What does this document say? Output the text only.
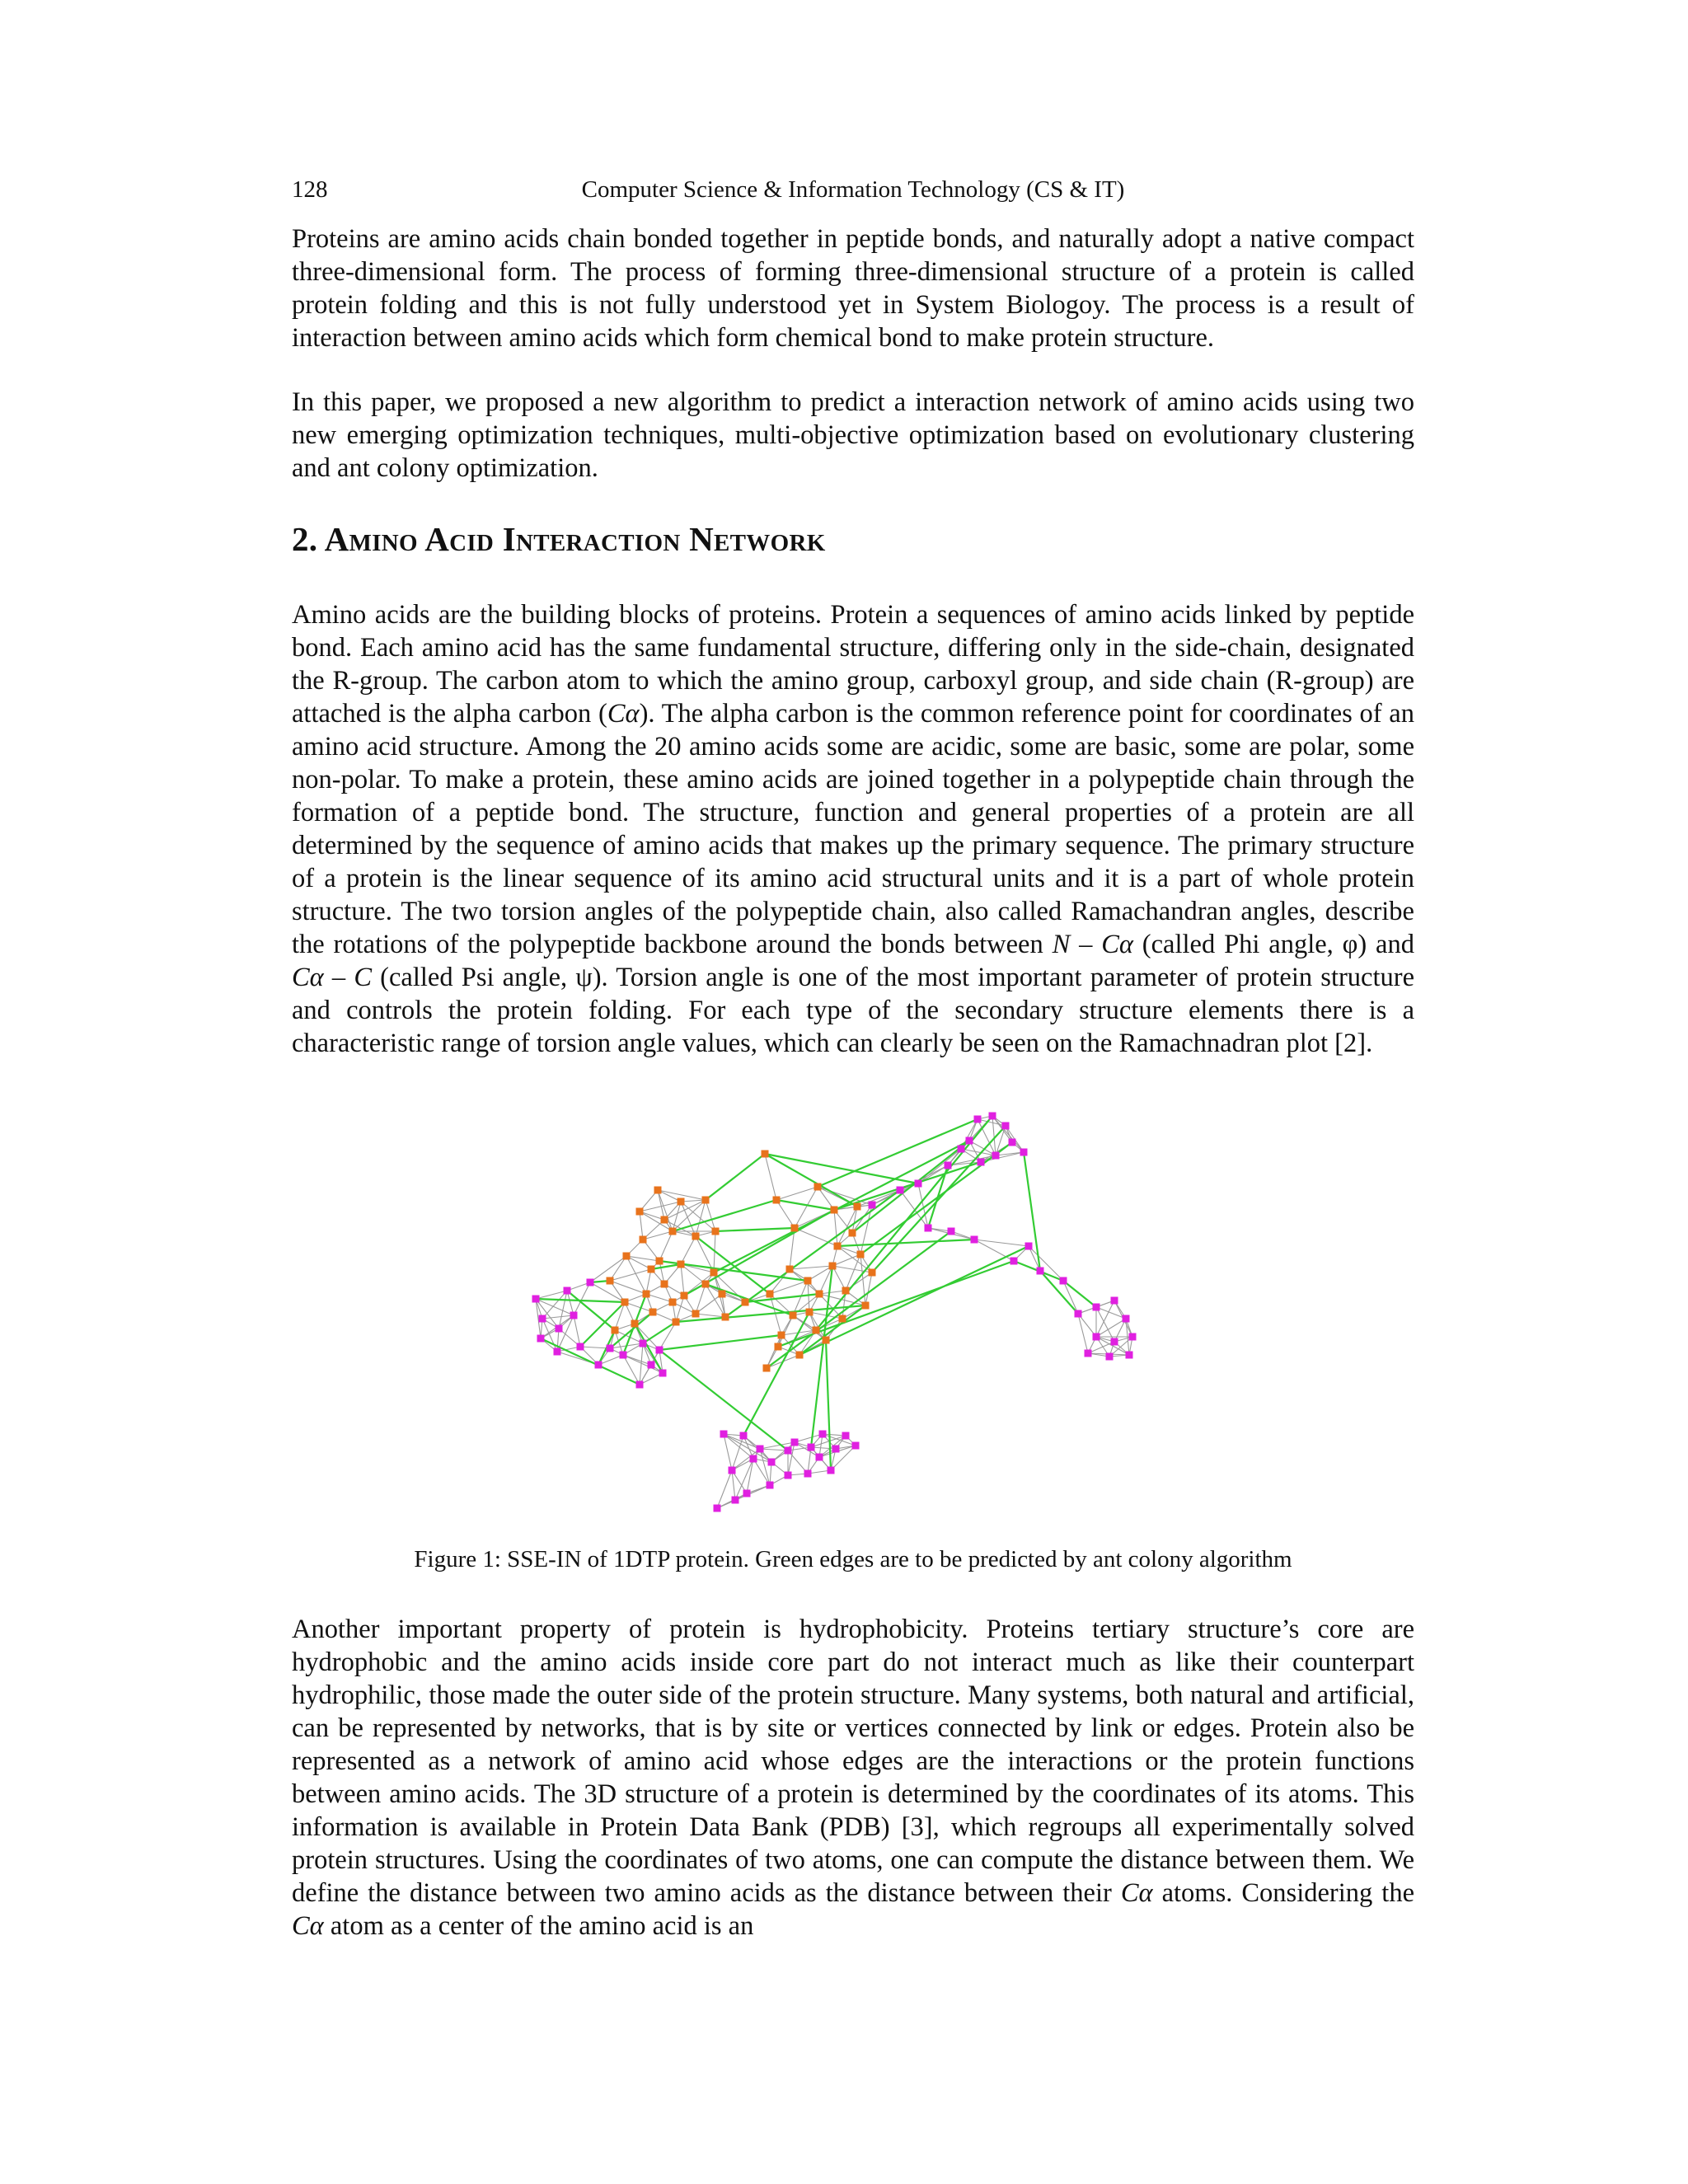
128	Computer Science & Information Technology (CS & IT)

Proteins are amino acids chain bonded together in peptide bonds, and naturally adopt a native compact three-dimensional form. The process of forming three-dimensional structure of a protein is called protein folding and this is not fully understood yet in System Biologoy. The process is a result of interaction between amino acids which form chemical bond to make protein structure.

In this paper, we proposed a new algorithm to predict a interaction network of amino acids using two new emerging optimization techniques, multi-objective optimization based on evolutionary clustering and ant colony optimization.

2. Amino Acid Interaction Network

Amino acids are the building blocks of proteins. Protein a sequences of amino acids linked by peptide bond. Each amino acid has the same fundamental structure, differing only in the side-chain, designated the R-group. The carbon atom to which the amino group, carboxyl group, and side chain (R-group) are attached is the alpha carbon (Cα). The alpha carbon is the common reference point for coordinates of an amino acid structure. Among the 20 amino acids some are acidic, some are basic, some are polar, some non-polar. To make a protein, these amino acids are joined together in a polypeptide chain through the formation of a peptide bond. The structure, function and general properties of a protein are all determined by the sequence of amino acids that makes up the primary sequence. The primary structure of a protein is the linear sequence of its amino acid structural units and it is a part of whole protein structure. The two torsion angles of the polypeptide chain, also called Ramachandran angles, describe the rotations of the polypeptide backbone around the bonds between N – Cα (called Phi angle, φ) and Cα – C (called Psi angle, ψ). Torsion angle is one of the most important parameter of protein structure and controls the protein folding. For each type of the secondary structure elements there is a characteristic range of torsion angle values, which can clearly be seen on the Ramachnadran plot [2].

Figure 1: SSE-IN of 1DTP protein. Green edges are to be predicted by ant colony algorithm

Another important property of protein is hydrophobicity. Proteins tertiary structure’s core are hydrophobic and the amino acids inside core part do not interact much as like their counterpart hydrophilic, those made the outer side of the protein structure. Many systems, both natural and artificial, can be represented by networks, that is by site or vertices connected by link or edges. Protein also be represented as a network of amino acid whose edges are the interactions or the protein functions between amino acids. The 3D structure of a protein is determined by the coordinates of its atoms. This information is available in Protein Data Bank (PDB) [3], which regroups all experimentally solved protein structures. Using the coordinates of two atoms, one can compute the distance between them. We define the distance between two amino acids as the distance between their Cα atoms. Considering the Cα atom as a center of the amino acid is an
